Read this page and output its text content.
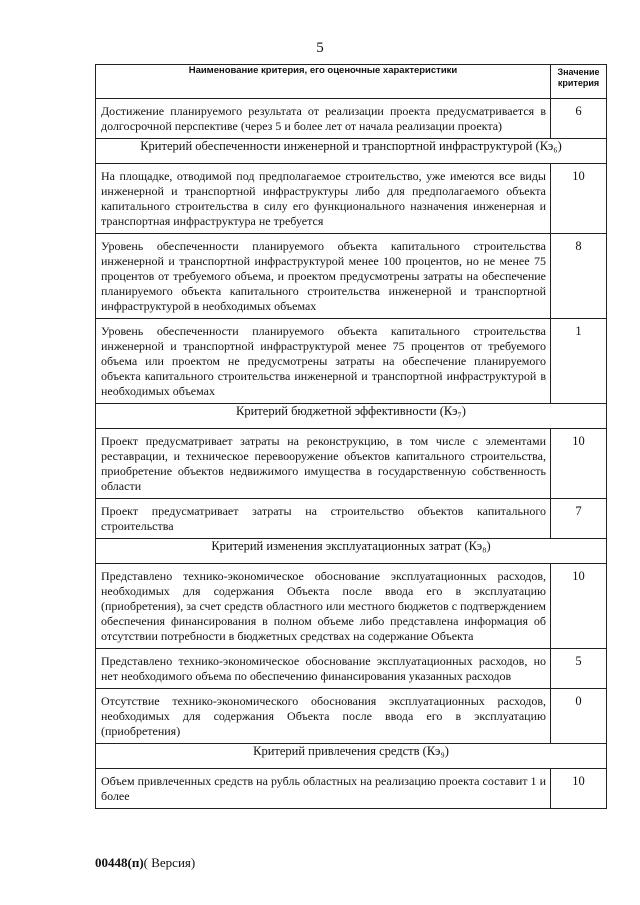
5
Наименование критерия, его оценочные характеристики	Значение критерия
Достижение планируемого результата от реализации проекта предусматривается в долгосрочной перспективе (через 5 и более лет от начала реализации проекта)	6
Критерий обеспеченности инженерной и транспортной инфраструктурой (Кэ₆)	
На площадке, отводимой под предполагаемое строительство, уже имеются все виды инженерной и транспортной инфраструктуры либо для предполагаемого объекта капитального строительства в силу его функционального назначения инженерная и транспортная инфраструктура не требуется	10
Уровень обеспеченности планируемого объекта капитального строительства инженерной и транспортной инфраструктурой менее 100 процентов, но не менее 75 процентов от требуемого объема, и проектом предусмотрены затраты на обеспечение планируемого объекта капитального строительства инженерной и транспортной инфраструктурой в необходимых объемах	8
Уровень обеспеченности планируемого объекта капитального строительства инженерной и транспортной инфраструктурой менее 75 процентов от требуемого объема или проектом не предусмотрены затраты на обеспечение планируемого объекта капитального строительства инженерной и транспортной инфраструктурой в необходимых объемах	1
Критерий бюджетной эффективности (Кэ₇)	
Проект предусматривает затраты на реконструкцию, в том числе с элементами реставрации, и техническое перевооружение объектов капитального строительства, приобретение объектов недвижимого имущества в государственную собственность области	10
Проект предусматривает затраты на строительство объектов капитального строительства	7
Критерий изменения эксплуатационных затрат (Кэ₈)	
Представлено технико-экономическое обоснование эксплуатационных расходов, необходимых для содержания Объекта после ввода его в эксплуатацию (приобретения), за счет средств областного или местного бюджетов с подтверждением обеспечения финансирования в полном объеме либо представлена информация об отсутствии потребности в бюджетных средствах на содержание Объекта	10
Представлено технико-экономическое обоснование эксплуатационных расходов, но нет необходимого объема по обеспечению финансирования указанных расходов	5
Отсутствие технико-экономического обоснования эксплуатационных расходов, необходимых для содержания Объекта после ввода его в эксплуатацию (приобретения)	0
Критерий привлечения средств (Кэ₉)	
Объем привлеченных средств на рубль областных на реализацию проекта составит 1 и более	10
00448(п)( Версия)
